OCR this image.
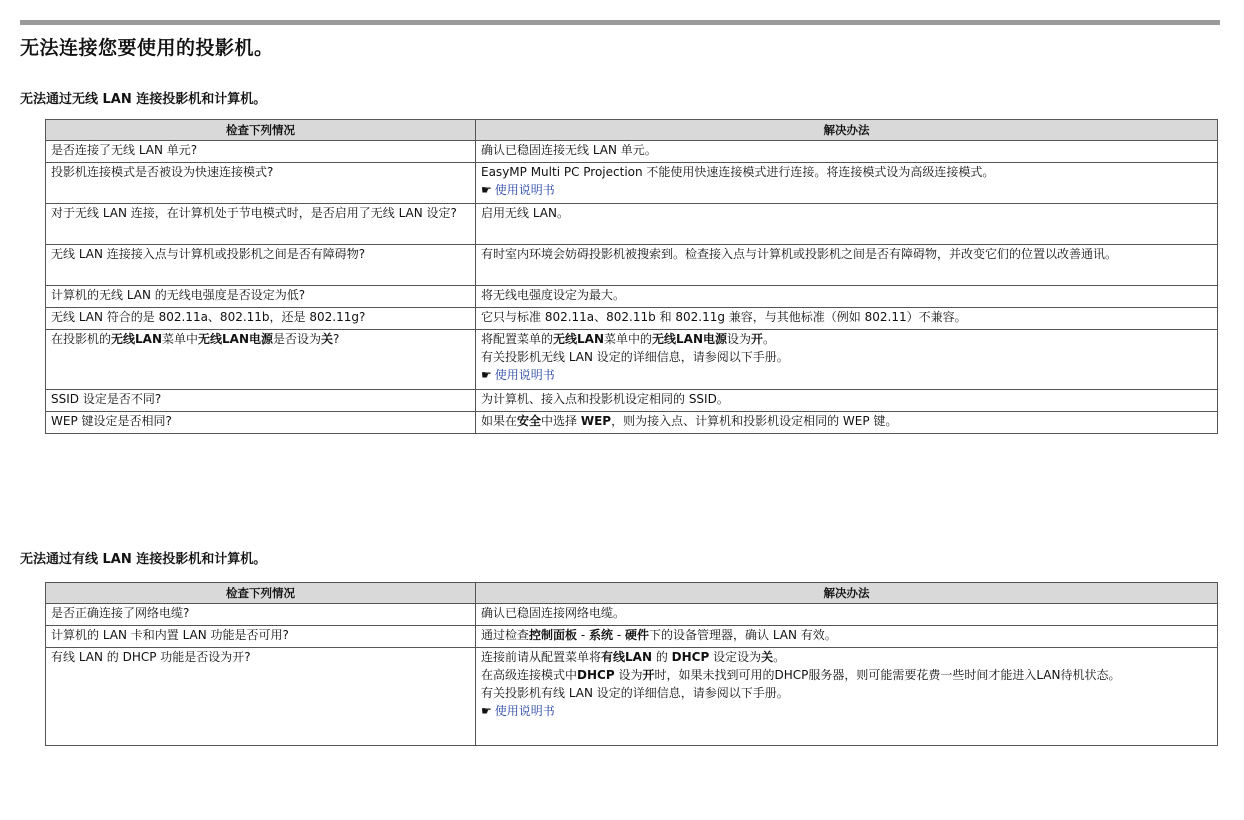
无法连接您要使用的投影机。
无法通过无线 LAN 连接投影机和计算机。
检查下列情况	解决办法
是否连接了无线 LAN 单元?	确认已稳固连接无线 LAN 单元。
投影机连接模式是否被设为快速连接模式?	EasyMP Multi PC Projection 不能使用快速连接模式进行连接。将连接模式设为高级连接模式。

☛ 使用说明书

对于无线 LAN 连接，在计算机处于节电模式时，是否启用了无线 LAN 设定?	启用无线 LAN。
无线 LAN 连接接入点与计算机或投影机之间是否有障碍物?	有时室内环境会妨碍投影机被搜索到。检查接入点与计算机或投影机之间是否有障碍物，并改变它们的位置以改善通讯。
计算机的无线 LAN 的无线电强度是否设定为低?	将无线电强度设定为最大。
无线 LAN 符合的是 802.11a、802.11b，还是 802.11g?	它只与标准 802.11a、802.11b 和 802.11g 兼容，与其他标准（例如 802.11）不兼容。
在投影机的无线LAN菜单中无线LAN电源是否设为关?	将配置菜单的无线LAN菜单中的无线LAN电源设为开。

有关投影机无线 LAN 设定的详细信息，请参阅以下手册。

☛ 使用说明书

SSID 设定是否不同?	为计算机、接入点和投影机设定相同的 SSID。
WEP 键设定是否相同?	如果在安全中选择 WEP，则为接入点、计算机和投影机设定相同的 WEP 键。
无法通过有线 LAN 连接投影机和计算机。
检查下列情况	解决办法
是否正确连接了网络电缆?	确认已稳固连接网络电缆。
计算机的 LAN 卡和内置 LAN 功能是否可用?	通过检查控制面板 - 系统 - 硬件下的设备管理器，确认 LAN 有效。
有线 LAN 的 DHCP 功能是否设为开?	连接前请从配置菜单将有线LAN 的 DHCP 设定设为关。

在高级连接模式中DHCP 设为开时，如果未找到可用的DHCP服务器，则可能需要花费一些时间才能进入LAN待机状态。

有关投影机有线 LAN 设定的详细信息，请参阅以下手册。

☛ 使用说明书
